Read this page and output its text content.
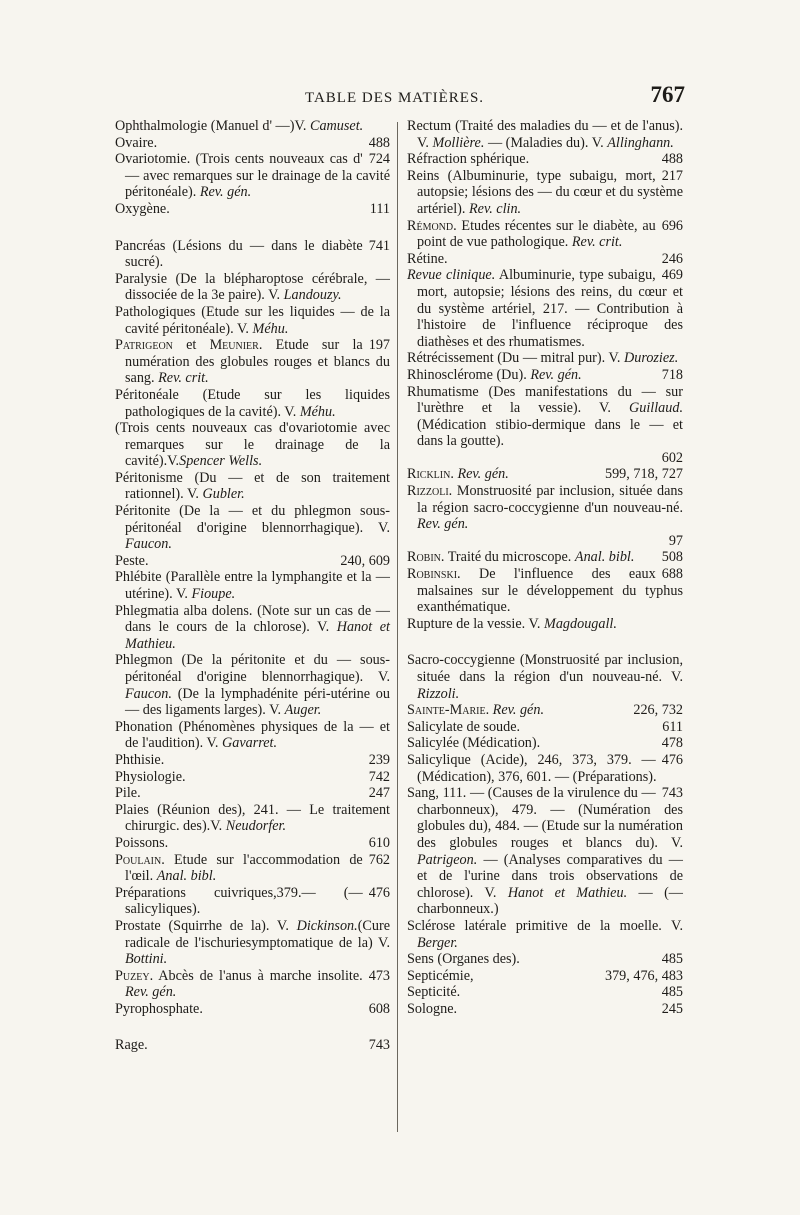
TABLE DES MATIÈRES.	767
Ophthalmologie (Manuel d' —)V. Camuset.
488
Ovaire.
724
Ovariotomie. (Trois cents nouveaux cas d' — avec remarques sur le drainage de la cavité péritonéale). Rev. gén.
111
Oxygène.
741
Pancréas (Lésions du — dans le diabète sucré).
Paralysie (De la blépharoptose cérébrale, — dissociée de la 3e paire). V. Landouzy.
Pathologiques (Etude sur les liquides — de la cavité péritonéale). V. Méhu.
197
Patrigeon et Meunier. Etude sur la numération des globules rouges et blancs du sang. Rev. crit.
Péritonéale (Etude sur les liquides pathologiques de la cavité). V. Méhu.
(Trois cents nouveaux cas d'ovariotomie avec remarques sur le drainage de la cavité).V.Spencer Wells.
Péritonisme (Du — et de son traitement rationnel). V. Gubler.
Péritonite (De la — et du phlegmon sous-péritonéal d'origine blennorrhagique). V. Faucon.
240, 609
Peste.
Phlébite (Parallèle entre la lymphangite et la — utérine). V. Fioupe.
Phlegmatia alba dolens. (Note sur un cas de — dans le cours de la chlorose). V. Hanot et Mathieu.
Phlegmon (De la péritonite et du — sous-péritonéal d'origine blennorrhagique). V. Faucon. (De la lymphadénite péri-utérine ou — des ligaments larges). V. Auger.
Phonation (Phénomènes physiques de la — et de l'audition). V. Gavarret.
239
Phthisie.
742
Physiologie.
247
Pile.
Plaies (Réunion des), 241. — Le traitement chirurgic. des).V. Neudorfer.
610
Poissons.
762
Poulain. Etude sur l'accommodation de l'œil. Anal. bibl.
476
Préparations cuivriques,379.— (— salicyliques).
Prostate (Squirrhe de la). V. Dickinson.(Cure radicale de l'ischuriesymptomatique de la) V. Bottini.
473
Puzey. Abcès de l'anus à marche insolite. Rev. gén.
608
Pyrophosphate.
743
Rage.
Rectum (Traité des maladies du — et de l'anus). V. Mollière. — (Maladies du). V. Allinghann.
488
Réfraction sphérique.
217
Reins (Albuminurie, type subaigu, mort, autopsie; lésions des — du cœur et du système artériel). Rev. clin.
696
Rémond. Etudes récentes sur le diabète, au point de vue pathologique. Rev. crit.
246
Rétine.
469
Revue clinique. Albuminurie, type subaigu, mort, autopsie; lésions des reins, du cœur et du système artériel, 217. — Contribution à l'histoire de l'influence réciproque des diathèses et des rhumatismes.
Rétrécissement (Du — mitral pur). V. Duroziez.
718
Rhinosclérome (Du). Rev. gén.
Rhumatisme (Des manifestations du — sur l'urèthre et la vessie). V. Guillaud. (Médication stibio-dermique dans le — et dans la goutte).
602
599, 718, 727
Ricklin. Rev. gén.
Rizzoli. Monstruosité par inclusion, située dans la région sacro-coccygienne d'un nouveau-né. Rev. gén.
97
508
Robin. Traité du microscope. Anal. bibl.
688
Robinski. De l'influence des eaux malsaines sur le développement du typhus exanthématique.
Rupture de la vessie. V. Magdougall.
Sacro-coccygienne (Monstruosité par inclusion, située dans la région d'un nouveau-né. V. Rizzoli.
226, 732
Sainte-Marie. Rev. gén.
611
Salicylate de soude.
478
Salicylée (Médication).
476
Salicylique (Acide), 246, 373, 379. — (Médication), 376, 601. — (Préparations).
743
Sang, 111. — (Causes de la virulence du — charbonneux), 479. — (Numération des globules du), 484. — (Etude sur la numération des globules rouges et blancs du). V. Patrigeon. — (Analyses comparatives du — et de l'urine dans trois observations de chlorose). V. Hanot et Mathieu. — (— charbonneux.)
Sclérose latérale primitive de la moelle. V. Berger.
485
Sens (Organes des).
379, 476, 483
Septicémie,
485
Septicité.
245
Sologne.
